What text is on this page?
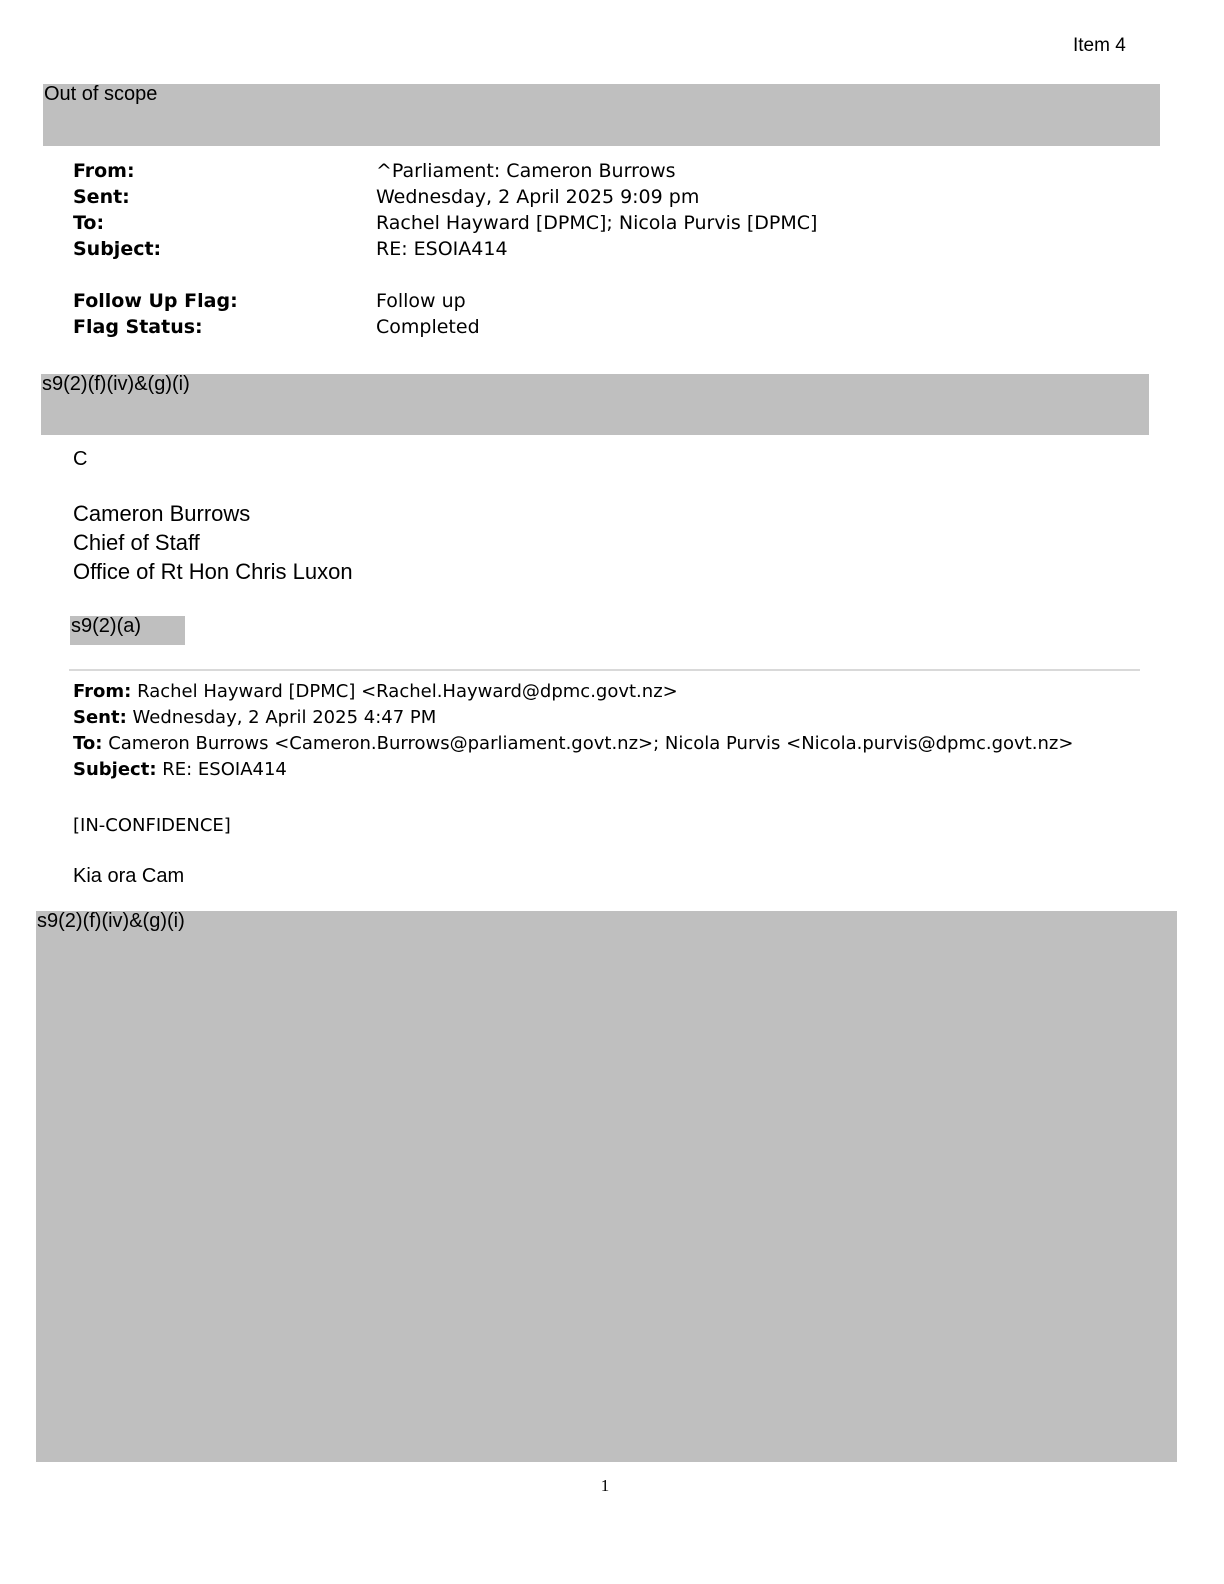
Item 4
Out of scope
From:	^Parliament: Cameron Burrows
Sent:	Wednesday, 2 April 2025 9:09 pm
To:	Rachel Hayward [DPMC]; Nicola Purvis [DPMC]
Subject:	RE: ESOIA414
Follow Up Flag:	Follow up
Flag Status:	Completed
s9(2)(f)(iv)&(g)(i)
C
Cameron Burrows
Chief of Staff
Office of Rt Hon Chris Luxon
s9(2)(a)
From: Rachel Hayward [DPMC] <Rachel.Hayward@dpmc.govt.nz>
Sent: Wednesday, 2 April 2025 4:47 PM
To: Cameron Burrows <Cameron.Burrows@parliament.govt.nz>; Nicola Purvis <Nicola.purvis@dpmc.govt.nz>
Subject: RE: ESOIA414
[IN-CONFIDENCE]
Kia ora Cam
s9(2)(f)(iv)&(g)(i)
1
